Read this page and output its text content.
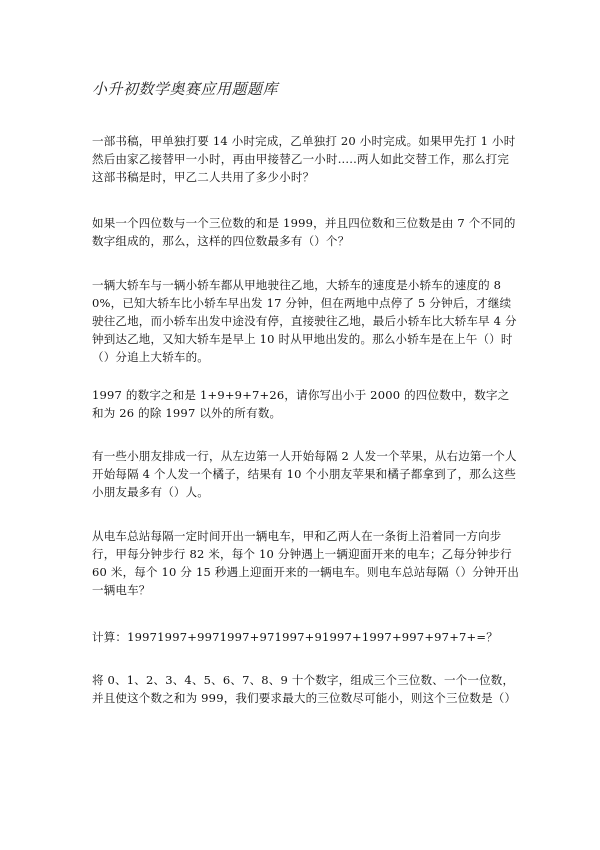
小升初数学奥赛应用题题库

一部书稿，甲单独打要 14 小时完成，乙单独打 20 小时完成。如果甲先打 1 小时然后由家乙接替甲一小时，再由甲接替乙一小时.....两人如此交替工作，那么打完这部书稿是时，甲乙二人共用了多少小时？

如果一个四位数与一个三位数的和是 1999，并且四位数和三位数是由 7 个不同的数字组成的，那么，这样的四位数最多有（）个？

一辆大轿车与一辆小轿车都从甲地驶往乙地，大轿车的速度是小轿车的速度的 80%，已知大轿车比小轿车早出发 17 分钟，但在两地中点停了 5 分钟后，才继续驶往乙地，而小轿车出发中途没有停，直接驶往乙地，最后小轿车比大轿车早 4 分钟到达乙地，又知大轿车是早上 10 时从甲地出发的。那么小轿车是在上午（）时（）分追上大轿车的。

1997 的数字之和是 1+9+9+7+26，请你写出小于 2000 的四位数中，数字之和为 26 的除 1997 以外的所有数。

有一些小朋友排成一行，从左边第一人开始每隔 2 人发一个苹果，从右边第一个人开始每隔 4 个人发一个橘子，结果有 10 个小朋友苹果和橘子都拿到了，那么这些小朋友最多有（）人。

从电车总站每隔一定时间开出一辆电车，甲和乙两人在一条街上沿着同一方向步行，甲每分钟步行 82 米，每个 10 分钟遇上一辆迎面开来的电车；乙每分钟步行 60 米，每个 10 分 15 秒遇上迎面开来的一辆电车。则电车总站每隔（）分钟开出一辆电车？

计算：19971997+9971997+971997+91997+1997+997+97+7+=？

将 0、1、2、3、4、5、6、7、8、9 十个数字，组成三个三位数、一个一位数，并且使这个数之和为 999，我们要求最大的三位数尽可能小，则这个三位数是（）
